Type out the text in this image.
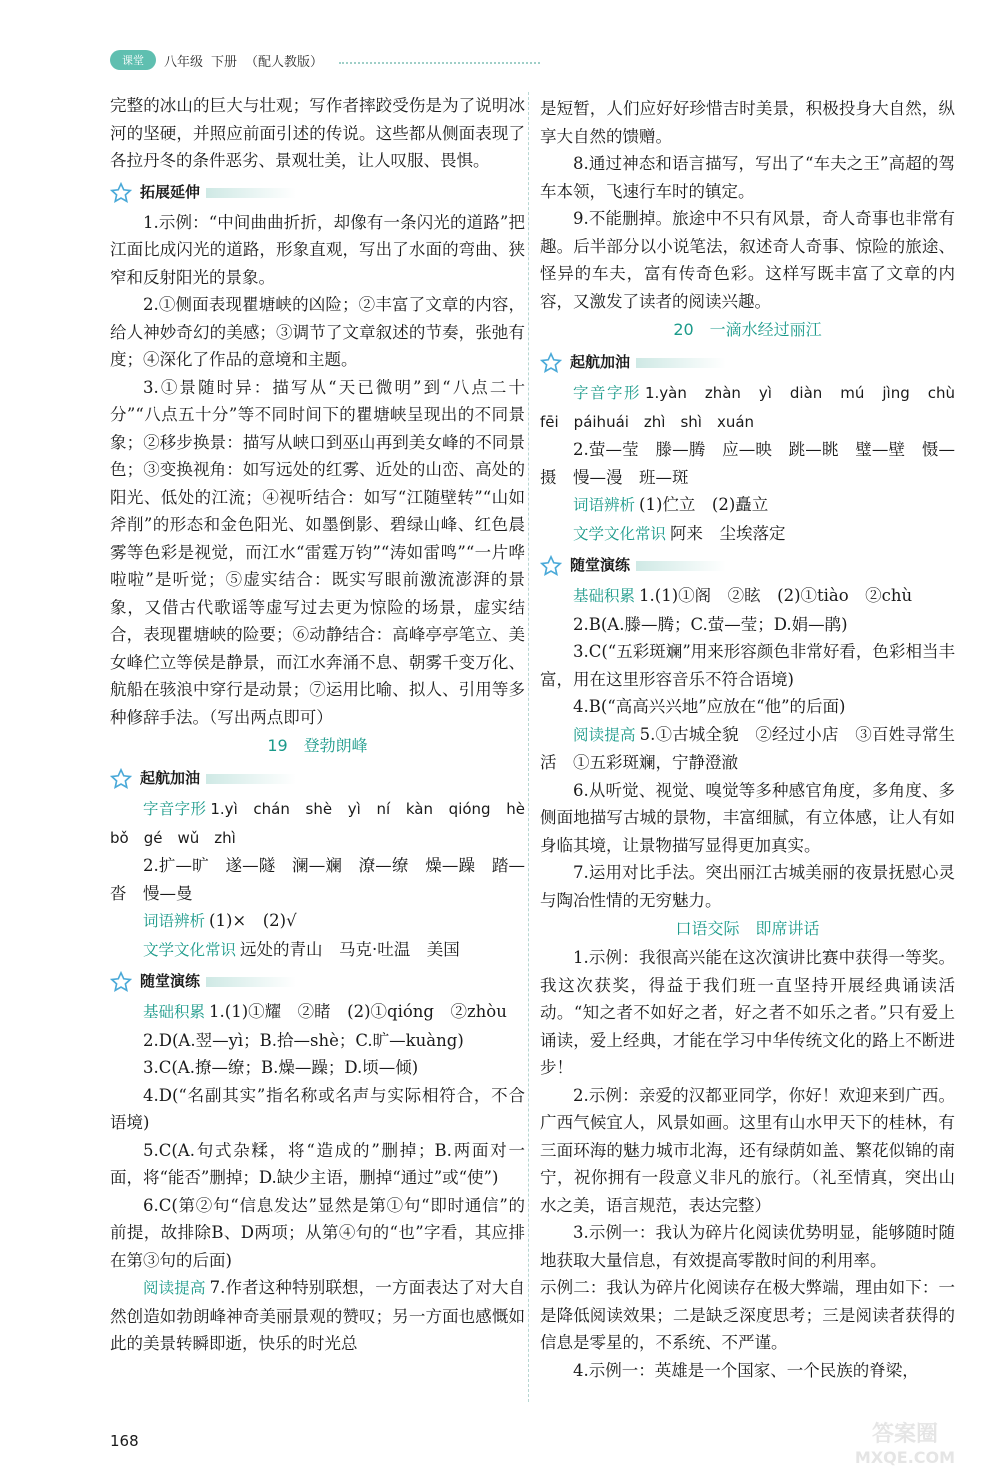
课堂	八年级 下册 （配人教版）

完整的冰山的巨大与壮观；写作者摔跤受伤是为了说明冰河的坚硬，并照应前面引述的传说。这些都从侧面表现了各拉丹冬的条件恶劣、景观壮美，让人叹服、畏惧。

拓展延伸

1.示例：“中间曲曲折折，却像有一条闪光的道路”把江面比成闪光的道路，形象直观，写出了水面的弯曲、狭窄和反射阳光的景象。

2.①侧面表现瞿塘峡的凶险；②丰富了文章的内容，给人神妙奇幻的美感；③调节了文章叙述的节奏，张弛有度；④深化了作品的意境和主题。

3.①景随时异：描写从“天已微明”到“八点二十分”“八点五十分”等不同时间下的瞿塘峡呈现出的不同景象；②移步换景：描写从峡口到巫山再到美女峰的不同景色；③变换视角：如写远处的红雾、近处的山峦、高处的阳光、低处的江流；④视听结合：如写“江随壁转”“山如斧削”的形态和金色阳光、如墨倒影、碧绿山峰、红色晨雾等色彩是视觉，而江水“雷霆万钧”“涛如雷鸣”“一片哗啦啦”是听觉；⑤虚实结合：既实写眼前激流澎湃的景象，又借古代歌谣等虚写过去更为惊险的场景，虚实结合，表现瞿塘峡的险要；⑥动静结合：高峰亭亭笔立、美女峰伫立等侯是静景，而江水奔涌不息、朝雾千变万化、航船在骇浪中穿行是动景；⑦运用比喻、拟人、引用等多种修辞手法。（写出两点即可）

19　登勃朗峰
起航加油

字音字形 1.yì　chán　shè　yì　ní　kàn　qióng　hè　bǒ　gé　wǔ　zhì

2.扩—旷　遂—隧　澜—斓　潦—缭　燥—躁　踏—沓　慢—曼

词语辨析 (1)×　(2)√

文学文化常识 远处的青山　马克·吐温　美国

随堂演练

基础积累 1.(1)①耀　②睹　(2)①qióng　②zhòu

2.D(A.翌—yì；B.拾—shè；C.旷—kuàng)

3.C(A.撩—缭；B.燥—躁；D.顷—倾)

4.D(“名副其实”指名称或名声与实际相符合，不合语境)

5.C(A.句式杂糅，将“造成的”删掉；B.两面对一面，将“能否”删掉；D.缺少主语，删掉“通过”或“使”)

6.C(第②句“信息发达”显然是第①句“即时通信”的前提，故排除B、D两项；从第④句的“也”字看，其应排在第③句的后面)

阅读提高 7.作者这种特别联想，一方面表达了对大自然创造如勃朗峰神奇美丽景观的赞叹；另一方面也感慨如此的美景转瞬即逝，快乐的时光总

是短暂，人们应好好珍惜吉时美景，积极投身大自然，纵享大自然的馈赠。

8.通过神态和语言描写，写出了“车夫之王”高超的驾车本领，飞速行车时的镇定。

9.不能删掉。旅途中不只有风景，奇人奇事也非常有趣。后半部分以小说笔法，叙述奇人奇事、惊险的旅途、怪异的车夫，富有传奇色彩。这样写既丰富了文章的内容，又激发了读者的阅读兴趣。

20　一滴水经过丽江
起航加油

字音字形 1.yàn　zhàn　yì　diàn　mú　jìng　chù　fēi　páihuái　zhì　shì　xuán

2.萤—莹　滕—腾　应—映　跳—眺　璧—壁　慑—摄　慢—漫　班—斑

词语辨析 (1)伫立　(2)矗立

文学文化常识 阿来　尘埃落定

随堂演练

基础积累 1.(1)①阁　②眩　(2)①tiào　②chù

2.B(A.滕—腾；C.萤—莹；D.娟—鹃)

3.C(“五彩斑斓”用来形容颜色非常好看，色彩相当丰富，用在这里形容音乐不符合语境)

4.B(“高高兴兴地”应放在“他”的后面)

阅读提高 5.①古城全貌　②经过小店　③百姓寻常生活　①五彩斑斓，宁静澄澈

6.从听觉、视觉、嗅觉等多种感官角度，多角度、多侧面地描写古城的景物，丰富细腻，有立体感，让人有如身临其境，让景物描写显得更加真实。

7.运用对比手法。突出丽江古城美丽的夜景抚慰心灵与陶冶性情的无穷魅力。

口语交际　即席讲话

1.示例：我很高兴能在这次演讲比赛中获得一等奖。我这次获奖，得益于我们班一直坚持开展经典诵读活动。“知之者不如好之者，好之者不如乐之者。”只有爱上诵读，爱上经典，才能在学习中华传统文化的路上不断进步！

2.示例：亲爱的汉都亚同学，你好！欢迎来到广西。广西气候宜人，风景如画。这里有山水甲天下的桂林，有三面环海的魅力城市北海，还有绿荫如盖、繁花似锦的南宁，祝你拥有一段意义非凡的旅行。（礼至情真，突出山水之美，语言规范，表达完整）

3.示例一：我认为碎片化阅读优势明显，能够随时随地获取大量信息，有效提高零散时间的利用率。

示例二：我认为碎片化阅读存在极大弊端，理由如下：一是降低阅读效果；二是缺乏深度思考；三是阅读者获得的信息是零星的，不系统、不严谨。

4.示例一：英雄是一个国家、一个民族的脊梁，

168	答案圈
MXQE.COM
